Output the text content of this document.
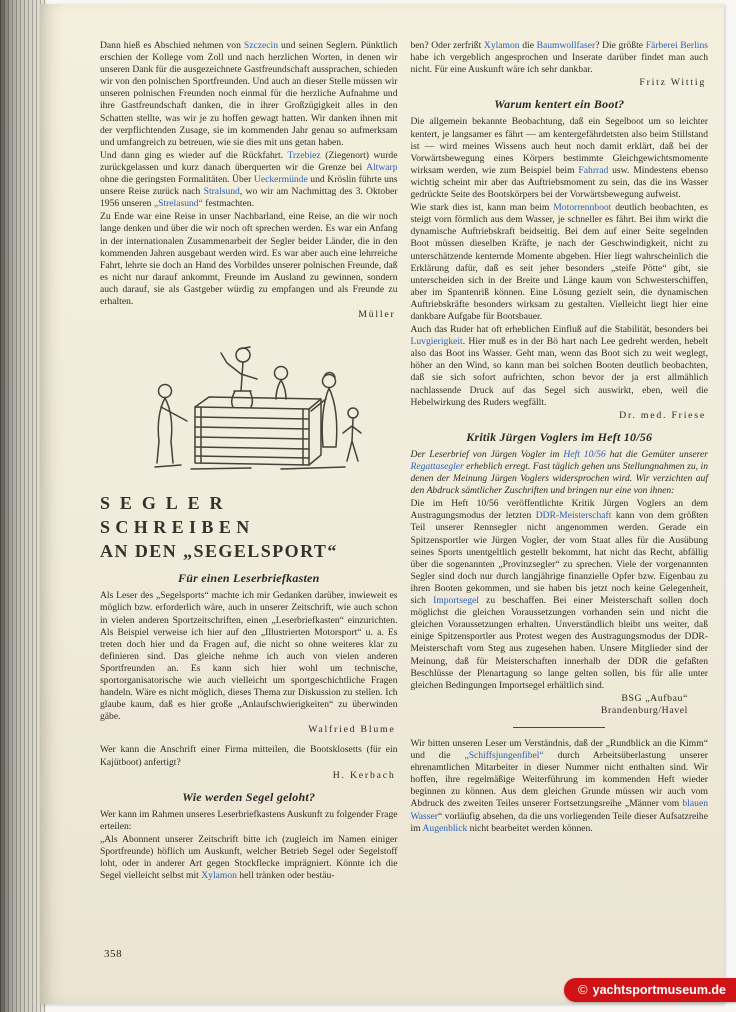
Dann hieß es Abschied nehmen von Szczecin und seinen Seglern. Pünktlich erschien der Kollege vom Zoll und nach herzlichen Worten, in denen wir unseren Dank für die ausgezeichnete Gastfreundschaft aussprachen, schieden wir von den polnischen Sportfreunden. Und auch an dieser Stelle müssen wir unseren polnischen Freunden noch einmal für die herzliche Aufnahme und ihre Gastfreundschaft danken, die in ihrer Großzügigkeit alles in den Schatten stellte, was wir je zu hoffen gewagt hatten. Wir danken ihnen mit der verpflichtenden Zusage, sie im kommenden Jahr genau so aufmerksam und umfangreich zu betreuen, wie sie dies mit uns getan haben.

Und dann ging es wieder auf die Rückfahrt. Trzebiez (Ziegenort) wurde zurückgelassen und kurz danach überquerten wir die Grenze bei Altwarp ohne die geringsten Formalitäten. Über Ueckermünde und Kröslin führte uns unsere Reise zurück nach Stralsund, wo wir am Nachmittag des 3. Oktober 1956 unseren „Strelasund“ festmachten.

Zu Ende war eine Reise in unser Nachbarland, eine Reise, an die wir noch lange denken und über die wir noch oft sprechen werden. Es war ein Anfang in der internationalen Zusammenarbeit der Segler beider Länder, die in den kommenden Jahren ausgebaut werden wird. Es war aber auch eine lehrreiche Fahrt, lehrte sie doch an Hand des Vorbildes unserer polnischen Freunde, daß es nicht nur darauf ankommt, Freunde im Ausland zu gewinnen, sondern auch darauf, sie als Gastgeber würdig zu empfangen und als Freunde zu erhalten.

Müller
SEGLER
SCHREIBEN
AN DEN „SEGELSPORT“
Für einen Leserbriefkasten

Als Leser des „Segelsports“ machte ich mir Gedanken darüber, inwieweit es möglich bzw. erforderlich wäre, auch in unserer Zeitschrift, wie auch schon in vielen anderen Sportzeitschriften, einen „Leserbriefkasten“ einzurichten. Als Beispiel verweise ich hier auf den „Illustrierten Motorsport“ u. a. Es treten doch hier und da Fragen auf, die nicht so ohne weiteres klar zu definieren sind. Das gleiche nehme ich auch von vielen anderen Sportfreunden an. Es kann sich hier wohl um technische, sportorganisatorische wie auch vielleicht um sportgeschichtliche Fragen handeln. Wäre es nicht möglich, dieses Thema zur Diskussion zu stellen. Ich glaube kaum, daß es hier große „Anlaufschwierigkeiten“ zu überwinden gäbe.

Walfried Blume

Wer kann die Anschrift einer Firma mitteilen, die Bootsklosetts (für ein Kajütboot) anfertigt?

H. Kerbach
Wie werden Segel geloht?

Wer kann im Rahmen unseres Leserbriefkastens Auskunft zu folgender Frage erteilen:

„Als Abonnent unserer Zeitschrift bitte ich (zugleich im Namen einiger Sportfreunde) höflich um Auskunft, welcher Betrieb Segel oder Segelstoff loht, oder in anderer Art gegen Stockflecke imprägniert. Könnte ich die Segel vielleicht selbst mit Xylamon hell tränken oder bestäu-

ben? Oder zerfrißt Xylamon die Baumwollfaser? Die größte Färberei Berlins habe ich vergeblich angesprochen und Inserate darüber findet man auch nicht. Für eine Auskunft wäre ich sehr dankbar.

Fritz Wittig
Warum kentert ein Boot?

Die allgemein bekannte Beobachtung, daß ein Segelboot um so leichter kentert, je langsamer es fährt — am kentergefährdetsten also beim Stillstand ist — wird meines Wissens auch heut noch damit erklärt, daß bei der Vorwärtsbewegung eines Körpers bestimmte Gleichgewichtsmomente wirksam werden, wie zum Beispiel beim Fahrrad usw. Mindestens ebenso wichtig scheint mir aber das Auftriebsmoment zu sein, das die ins Wasser gedrückte Seite des Bootskörpers bei der Vorwärtsbewegung aufweist.

Wie stark dies ist, kann man beim Motorrennboot deutlich beobachten, es steigt vorn förmlich aus dem Wasser, je schneller es fährt. Bei ihm wirkt die dynamische Auftriebskraft beidseitig. Bei dem auf einer Seite segelnden Boot müssen dieselben Kräfte, je nach der Geschwindigkeit, nicht zu unterschätzende kenternde Momente abgeben. Hier liegt wahrscheinlich die Erklärung dafür, daß es seit jeher besonders „steife Pötte“ gibt, sie unterscheiden sich in der Breite und Länge kaum von Schwesterschiffen, aber im Spantenriß können. Eine Lösung gezielt sein, die dynamischen Auftriebskräfte besonders wirksam zu gestalten. Vielleicht liegt hier eine dankbare Aufgabe für Bootsbauer.

Auch das Ruder hat oft erheblichen Einfluß auf die Stabilität, besonders bei Luvgierigkeit. Hier muß es in der Bö hart nach Lee gedreht werden, hebelt also das Boot ins Wasser. Geht man, wenn das Boot sich zu weit weglegt, höher an den Wind, so kann man bei solchen Booten deutlich beobachten, daß sie sich sofort aufrichten, schon bevor der ja erst allmählich nachlassende Druck auf das Segel sich auswirkt, eben, weil die Hebelwirkung des Ruders wegfällt.

Dr. med. Friese
Kritik Jürgen Voglers im Heft 10/56

Der Leserbrief von Jürgen Vogler im Heft 10/56 hat die Gemüter unserer Regattasegler erheblich erregt. Fast täglich gehen uns Stellungnahmen zu, in denen der Meinung Jürgen Voglers widersprochen wird. Wir verzichten auf den Abdruck sämtlicher Zuschriften und bringen nur eine von ihnen:

Die im Heft 10/56 veröffentlichte Kritik Jürgen Voglers an dem Austragungsmodus der letzten DDR-Meisterschaft kann von dem größten Teil unserer Rennsegler nicht angenommen werden. Gerade ein Spitzensportler wie Jürgen Vogler, der vom Staat alles für die Ausübung seines Sports unentgeltlich gestellt bekommt, hat nicht das Recht, abfällig über die sogenannten „Provinzsegler“ zu sprechen. Viele der vorgenannten Segler sind doch nur durch langjährige finanzielle Opfer bzw. Eigenbau zu ihren Booten gekommen, und sie haben bis jetzt noch keine Gelegenheit, sich Importsegel zu beschaffen. Bei einer Meisterschaft sollen doch möglichst die gleichen Voraussetzungen vorhanden sein und nicht die gleichen Voraussetzungen erhalten. Unverständlich bleibt uns weiter, daß einige Spitzensportler aus Protest wegen des Austragungsmodus der DDR-Meisterschaft vom Steg aus zugesehen haben. Unsere Mitglieder sind der Meinung, daß für Meisterschaften innerhalb der DDR die gefaßten Beschlüsse der Plenartagung so lange gelten sollen, bis für alle unter gleichen Bedingungen Importsegel erhältlich sind.

BSG „Aufbau“
Brandenburg/Havel

Wir bitten unseren Leser um Verständnis, daß der „Rundblick an die Kimm“ und die „Schiffsjungenfibel“ durch Arbeitsüberlastung unserer ehrenamtlichen Mitarbeiter in dieser Nummer nicht enthalten sind. Wir hoffen, ihre regelmäßige Weiterführung im kommenden Heft wieder beginnen zu können. Aus dem gleichen Grunde müssen wir auch vom Abdruck des zweiten Teiles unserer Fortsetzungsreihe „Männer vom blauen Wasser“ vorläufig absehen, da die uns vorliegenden Teile dieser Aufsatzreihe im Augenblick nicht bearbeitet werden können.

358
© yachtsportmuseum.de
